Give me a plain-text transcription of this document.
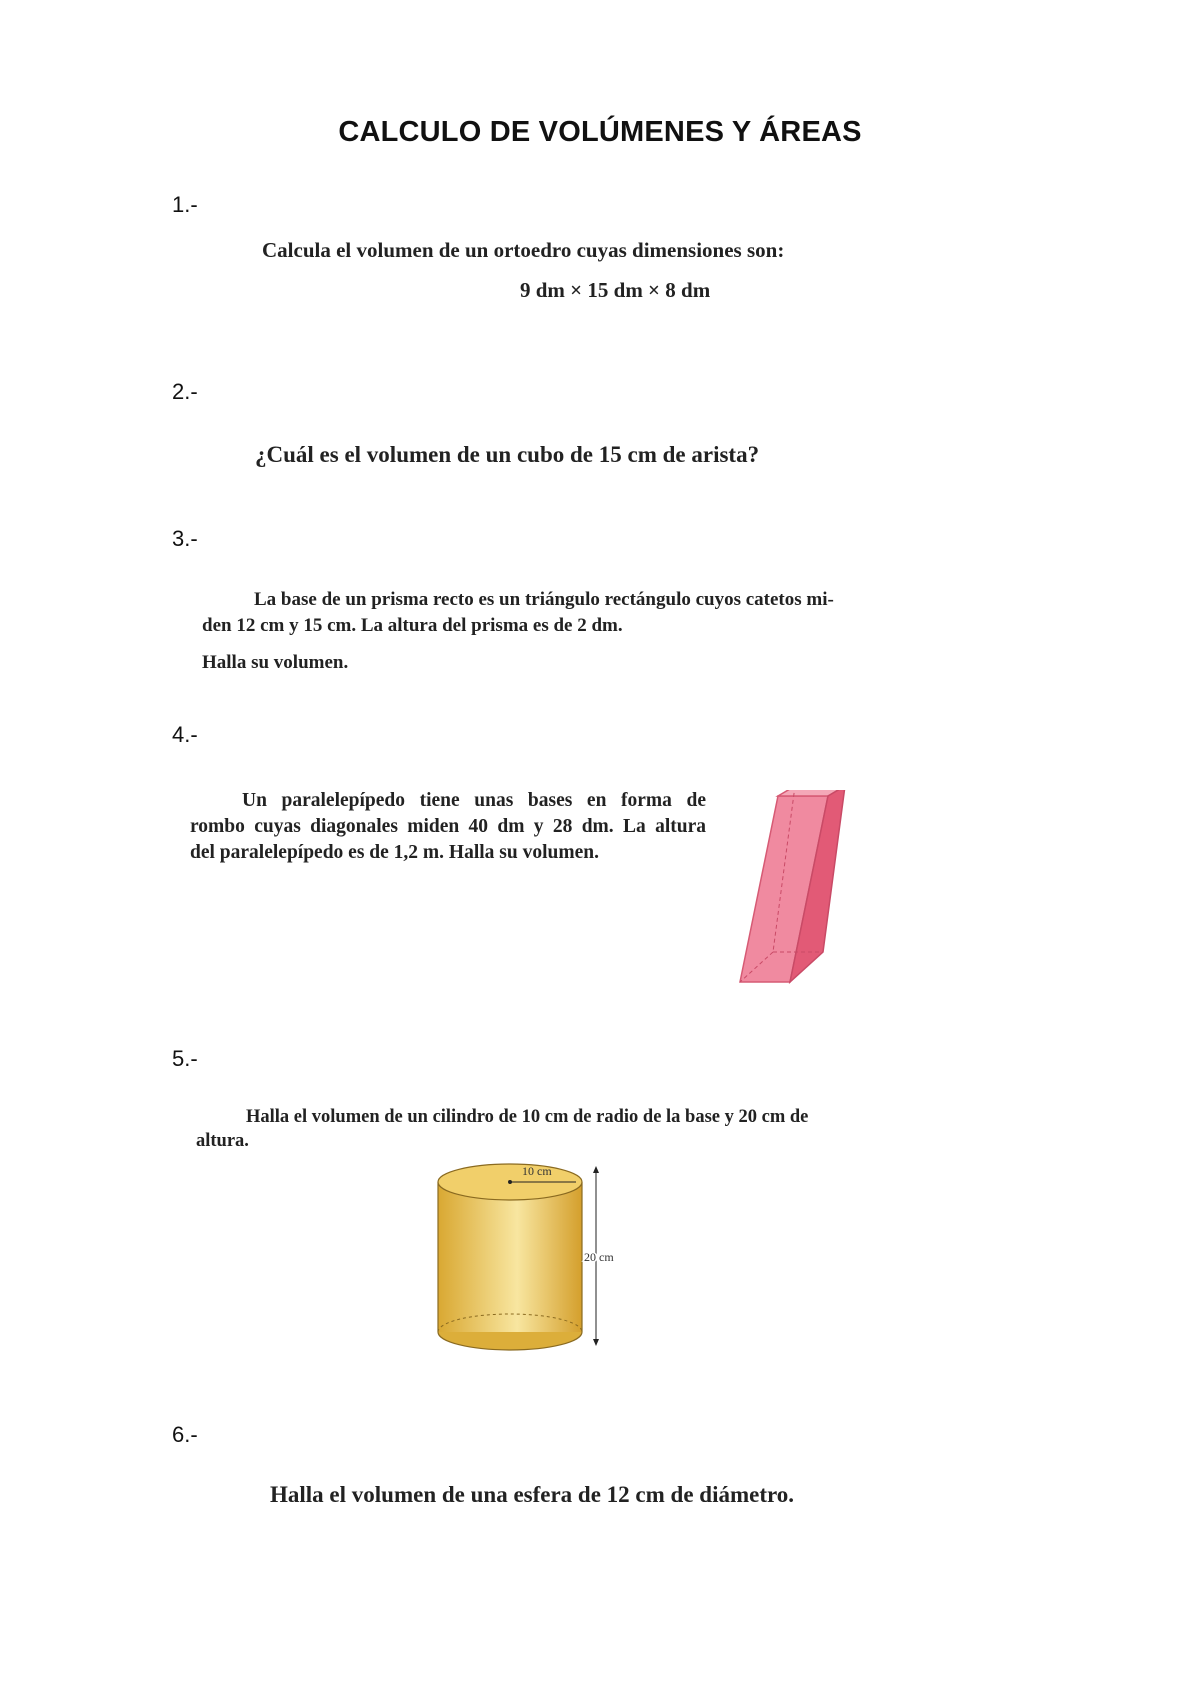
CALCULO DE VOLÚMENES Y ÁREAS
1.-
Calcula el volumen de un ortoedro cuyas dimensiones son:
9 dm × 15 dm × 8 dm
2.-
¿Cuál es el volumen de un cubo de 15 cm de arista?
3.-
La base de un prisma recto es un triángulo rectángulo cuyos catetos mi-
den 12 cm y 15 cm. La altura del prisma es de 2 dm.
Halla su volumen.
4.-
Un paralelepípedo tiene unas bases en forma de
rombo cuyas diagonales miden 40 dm y 28 dm. La altura
del paralelepípedo es de 1,2 m. Halla su volumen.
5.-
Halla el volumen de un cilindro de 10 cm de radio de la base y 20 cm de
altura.
10 cm
20 cm
6.-
Halla el volumen de una esfera de 12 cm de diámetro.
